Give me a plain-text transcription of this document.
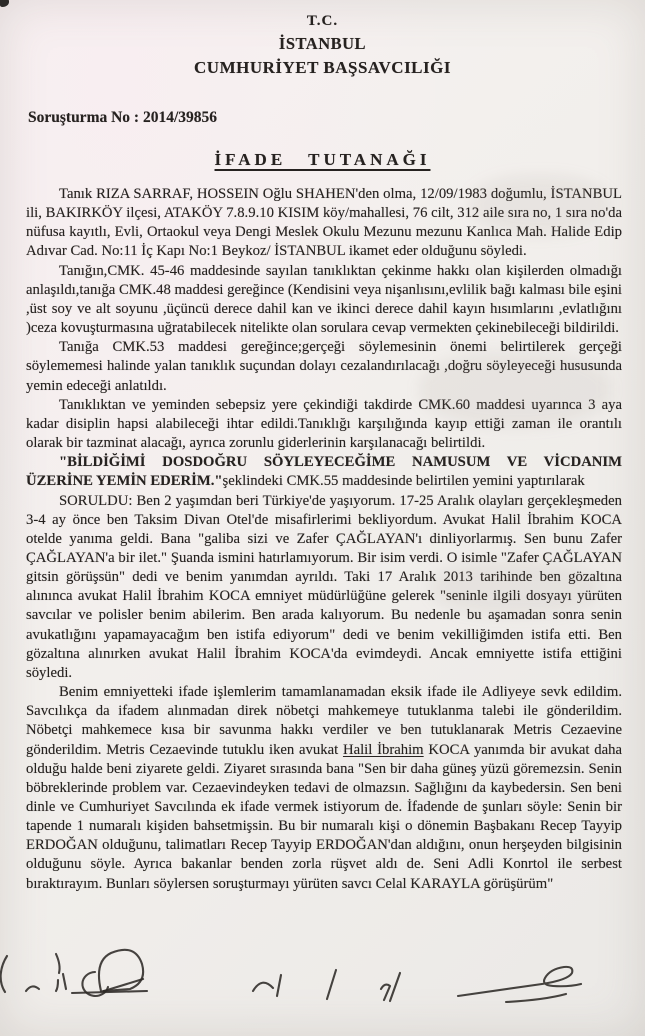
T.C.
İSTANBUL
CUMHURİYET BAŞSAVCILIĞI
Soruşturma No : 2014/39856
İFADE TUTANAĞI

Tanık RIZA SARRAF, HOSSEIN Oğlu SHAHEN'den olma, 12/09/1983 doğumlu, İSTANBUL ili, BAKIRKÖY ilçesi, ATAKÖY 7.8.9.10 KISIM köy/mahallesi, 76 cilt, 312 aile sıra no, 1 sıra no'da nüfusa kayıtlı, Evli, Ortaokul veya Dengi Meslek Okulu Mezunu mezunu Kanlıca Mah. Halide Edip Adıvar Cad. No:11 İç Kapı No:1 Beykoz/ İSTANBUL ikamet eder olduğunu söyledi.

Tanığın,CMK. 45-46 maddesinde sayılan tanıklıktan çekinme hakkı olan kişilerden olmadığı anlaşıldı,tanığa CMK.48 maddesi gereğince (Kendisini veya nişanlısını,evlilik bağı kalması bile eşini ,üst soy ve alt soyunu ,üçüncü derece dahil kan ve ikinci derece dahil kayın hısımlarını ,evlatlığını )ceza kovuşturmasına uğratabilecek nitelikte olan sorulara cevap vermekten çekinebileceği bildirildi.

Tanığa CMK.53 maddesi gereğince;gerçeği söylemesinin önemi belirtilerek gerçeği söylememesi halinde yalan tanıklık suçundan dolayı cezalandırılacağı ,doğru söyleyeceği hususunda yemin edeceği anlatıldı.

Tanıklıktan ve yeminden sebepsiz yere çekindiği takdirde CMK.60 maddesi uyarınca 3 aya kadar disiplin hapsi alabileceği ihtar edildi.Tanıklığı karşılığında kayıp ettiği zaman ile orantılı olarak bir tazminat alacağı, ayrıca zorunlu giderlerinin karşılanacağı belirtildi.

"BİLDİĞİMİ DOSDOĞRU SÖYLEYECEĞİME NAMUSUM VE VİCDANIM ÜZERİNE YEMİN EDERİM."şeklindeki CMK.55 maddesinde belirtilen yemini yaptırılarak

SORULDU: Ben 2 yaşımdan beri Türkiye'de yaşıyorum. 17-25 Aralık olayları gerçekleşmeden 3-4 ay önce ben Taksim Divan Otel'de misafirlerimi bekliyordum. Avukat Halil İbrahim KOCA otelde yanıma geldi. Bana "galiba sizi ve Zafer ÇAĞLAYAN'ı dinliyorlarmış. Sen bunu Zafer ÇAĞLAYAN'a bir ilet." Şuanda ismini hatırlamıyorum. Bir isim verdi. O isimle "Zafer ÇAĞLAYAN gitsin görüşsün" dedi ve benim yanımdan ayrıldı. Taki 17 Aralık 2013 tarihinde ben gözaltına alınınca avukat Halil İbrahim KOCA emniyet müdürlüğüne gelerek "seninle ilgili dosyayı yürüten savcılar ve polisler benim abilerim. Ben arada kalıyorum. Bu nedenle bu aşamadan sonra senin avukatlığını yapamayacağım ben istifa ediyorum" dedi ve benim vekilliğimden istifa etti. Ben gözaltına alınırken avukat Halil İbrahim KOCA'da evimdeydi. Ancak emniyette istifa ettiğini söyledi.

Benim emniyetteki ifade işlemlerim tamamlanamadan eksik ifade ile Adliyeye sevk edildim. Savcılıkça da ifadem alınmadan direk nöbetçi mahkemeye tutuklanma talebi ile gönderildim. Nöbetçi mahkemece kısa bir savunma hakkı verdiler ve ben tutuklanarak Metris Cezaevine gönderildim. Metris Cezaevinde tutuklu iken avukat Halil İbrahim KOCA yanımda bir avukat daha olduğu halde beni ziyarete geldi. Ziyaret sırasında bana "Sen bir daha güneş yüzü göremezsin. Senin böbreklerinde problem var. Cezaevindeyken tedavi de olmazsın. Sağlığını da kaybedersin. Sen beni dinle ve Cumhuriyet Savcılında ek ifade vermek istiyorum de. İfadende de şunları söyle: Senin bir tapende 1 numaralı kişiden bahsetmişsin. Bu bir numaralı kişi o dönemin Başbakanı Recep Tayyip ERDOĞAN olduğunu, talimatları Recep Tayyip ERDOĞAN'dan aldığını, onun herşeyden bilgisinin olduğunu söyle. Ayrıca bakanlar benden zorla rüşvet aldı de. Seni Adli Konrtol ile serbest bıraktırayım. Bunları söylersen soruşturmayı yürüten savcı Celal KARAYLA görüşürüm"
